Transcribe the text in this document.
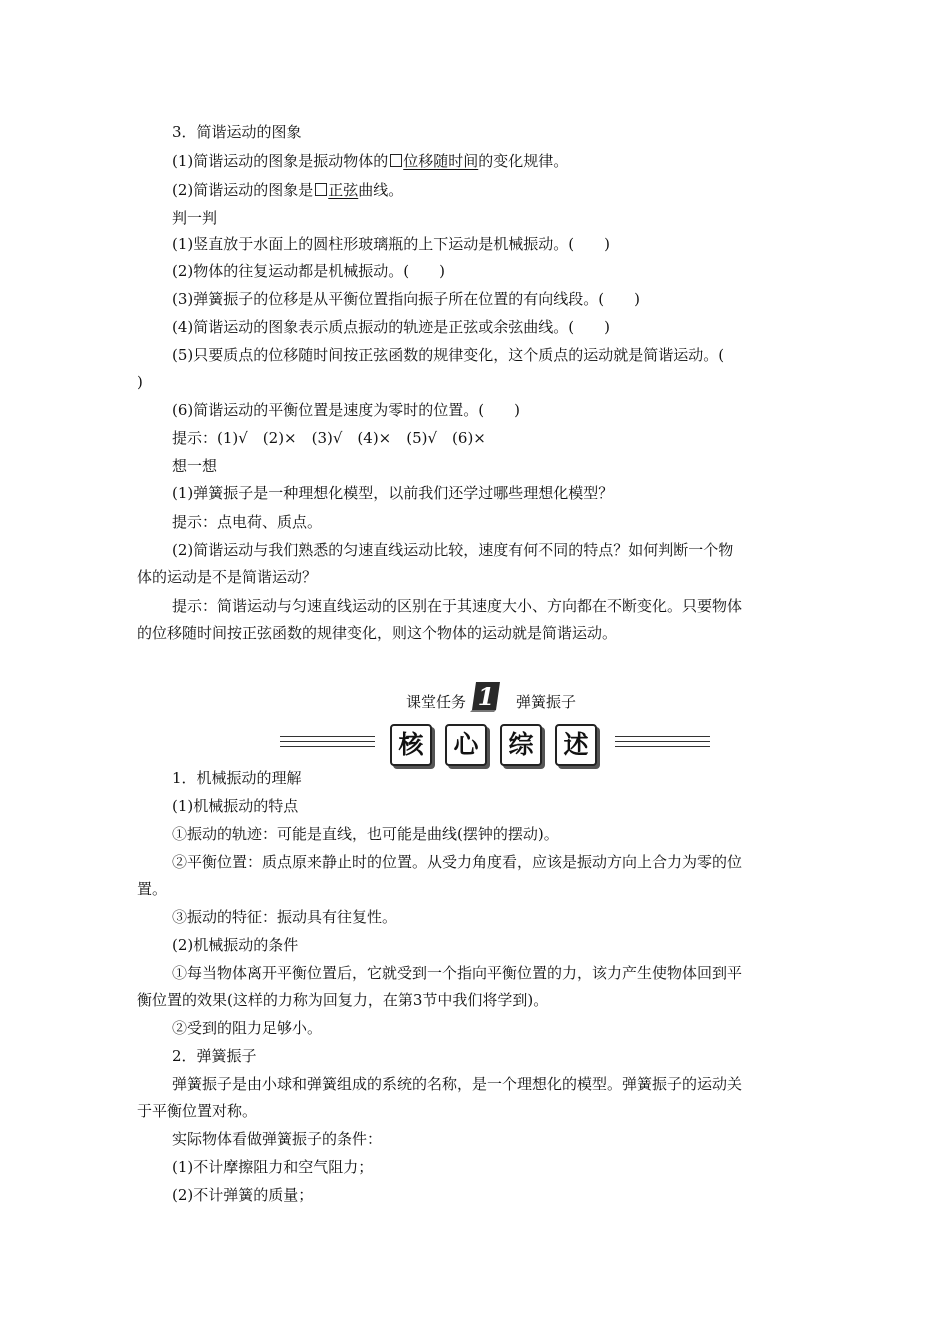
3．简谐运动的图象
(1)简谐运动的图象是振动物体的 位移随时间的变化规律。
(2)简谐运动的图象是 正弦曲线。
判一判
(1)竖直放于水面上的圆柱形玻璃瓶的上下运动是机械振动。(　　)
(2)物体的往复运动都是机械振动。(　　)
(3)弹簧振子的位移是从平衡位置指向振子所在位置的有向线段。(　　)
(4)简谐运动的图象表示质点振动的轨迹是正弦或余弦曲线。(　　)
(5)只要质点的位移随时间按正弦函数的规律变化，这个质点的运动就是简谐运动。(
)
(6)简谐运动的平衡位置是速度为零时的位置。(　　)
提示：(1)√　(2)×　(3)√　(4)×　(5)√　(6)×
想一想
(1)弹簧振子是一种理想化模型，以前我们还学过哪些理想化模型？
提示：点电荷、质点。
(2)简谐运动与我们熟悉的匀速直线运动比较，速度有何不同的特点？如何判断一个物
体的运动是不是简谐运动？
提示：简谐运动与匀速直线运动的区别在于其速度大小、方向都在不断变化。只要物体
的位移随时间按正弦函数的规律变化，则这个物体的运动就是简谐运动。
课堂任务 1 弹簧振子
核	心	综	述
1．机械振动的理解
(1)机械振动的特点
①振动的轨迹：可能是直线，也可能是曲线(摆钟的摆动)。
②平衡位置：质点原来静止时的位置。从受力角度看，应该是振动方向上合力为零的位
置。
③振动的特征：振动具有往复性。
(2)机械振动的条件
①每当物体离开平衡位置后，它就受到一个指向平衡位置的力，该力产生使物体回到平
衡位置的效果(这样的力称为回复力，在第3节中我们将学到)。
②受到的阻力足够小。
2．弹簧振子
弹簧振子是由小球和弹簧组成的系统的名称，是一个理想化的模型。弹簧振子的运动关
于平衡位置对称。
实际物体看做弹簧振子的条件：
(1)不计摩擦阻力和空气阻力；
(2)不计弹簧的质量；
